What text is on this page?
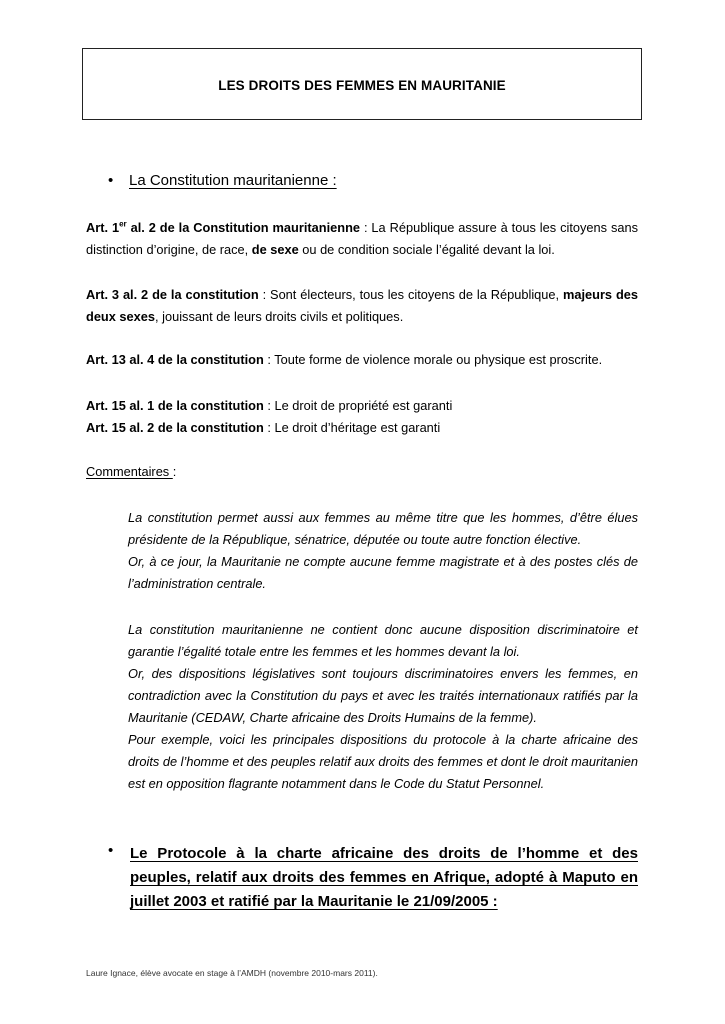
LES DROITS DES FEMMES EN MAURITANIE
• La Constitution mauritanienne :
Art. 1er al. 2 de la Constitution mauritanienne : La République assure à tous les citoyens sans distinction d’origine, de race, de sexe ou de condition sociale l’égalité devant la loi.
Art. 3 al. 2 de la constitution : Sont électeurs, tous les citoyens de la République, majeurs des deux sexes, jouissant de leurs droits civils et politiques.
Art. 13 al. 4 de la constitution : Toute forme de violence morale ou physique est proscrite.
Art. 15 al. 1 de la constitution : Le droit de propriété est garanti
Art. 15 al. 2 de la constitution : Le droit d’héritage est garanti
Commentaires :
La constitution permet aussi aux femmes au même titre que les hommes, d’être élues présidente de la République, sénatrice, députée ou toute autre fonction élective.
Or, à ce jour, la Mauritanie ne compte aucune femme magistrate et à des postes clés de l’administration centrale.
La constitution mauritanienne ne contient donc aucune disposition discriminatoire et garantie l’égalité totale entre les femmes et les hommes devant la loi.
Or, des dispositions législatives sont toujours discriminatoires envers les femmes, en contradiction avec la Constitution du pays et avec les traités internationaux ratifiés par la Mauritanie (CEDAW, Charte africaine des Droits Humains de la femme).
Pour exemple, voici les principales dispositions du protocole à la charte africaine des droits de l’homme et des peuples relatif aux droits des femmes et dont le droit mauritanien est en opposition flagrante notamment dans le Code du Statut Personnel.
• Le Protocole à la charte africaine des droits de l’homme et des peuples, relatif aux droits des femmes en Afrique, adopté à Maputo en juillet 2003 et ratifié par la Mauritanie le 21/09/2005 :
Laure Ignace, élève avocate en stage à l’AMDH (novembre 2010-mars 2011).
